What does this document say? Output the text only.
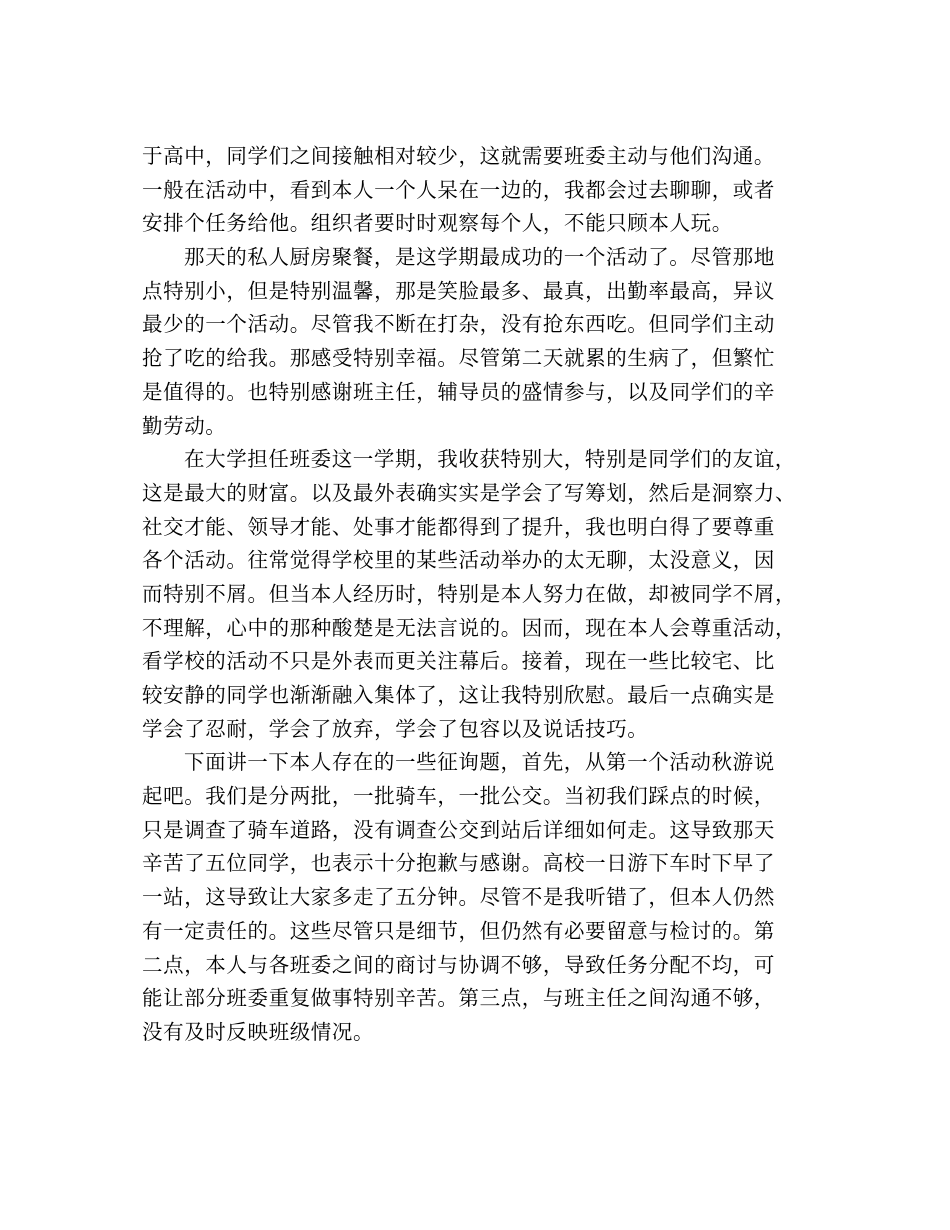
于高中，同学们之间接触相对较少，这就需要班委主动与他们沟通。
一般在活动中，看到本人一个人呆在一边的，我都会过去聊聊，或者
安排个任务给他。组织者要时时观察每个人，不能只顾本人玩。
那天的私人厨房聚餐，是这学期最成功的一个活动了。尽管那地
点特别小，但是特别温馨，那是笑脸最多、最真，出勤率最高，异议
最少的一个活动。尽管我不断在打杂，没有抢东西吃。但同学们主动
抢了吃的给我。那感受特别幸福。尽管第二天就累的生病了，但繁忙
是值得的。也特别感谢班主任，辅导员的盛情参与，以及同学们的辛
勤劳动。
在大学担任班委这一学期，我收获特别大，特别是同学们的友谊，
这是最大的财富。以及最外表确实实是学会了写筹划，然后是洞察力、
社交才能、领导才能、处事才能都得到了提升，我也明白得了要尊重
各个活动。往常觉得学校里的某些活动举办的太无聊，太没意义，因
而特别不屑。但当本人经历时，特别是本人努力在做，却被同学不屑，
不理解，心中的那种酸楚是无法言说的。因而，现在本人会尊重活动，
看学校的活动不只是外表而更关注幕后。接着，现在一些比较宅、比
较安静的同学也渐渐融入集体了，这让我特别欣慰。最后一点确实是
学会了忍耐，学会了放弃，学会了包容以及说话技巧。
下面讲一下本人存在的一些征询题，首先，从第一个活动秋游说
起吧。我们是分两批，一批骑车，一批公交。当初我们踩点的时候，
只是调查了骑车道路，没有调查公交到站后详细如何走。这导致那天
辛苦了五位同学，也表示十分抱歉与感谢。高校一日游下车时下早了
一站，这导致让大家多走了五分钟。尽管不是我听错了，但本人仍然
有一定责任的。这些尽管只是细节，但仍然有必要留意与检讨的。第
二点，本人与各班委之间的商讨与协调不够，导致任务分配不均，可
能让部分班委重复做事特别辛苦。第三点，与班主任之间沟通不够，
没有及时反映班级情况。
